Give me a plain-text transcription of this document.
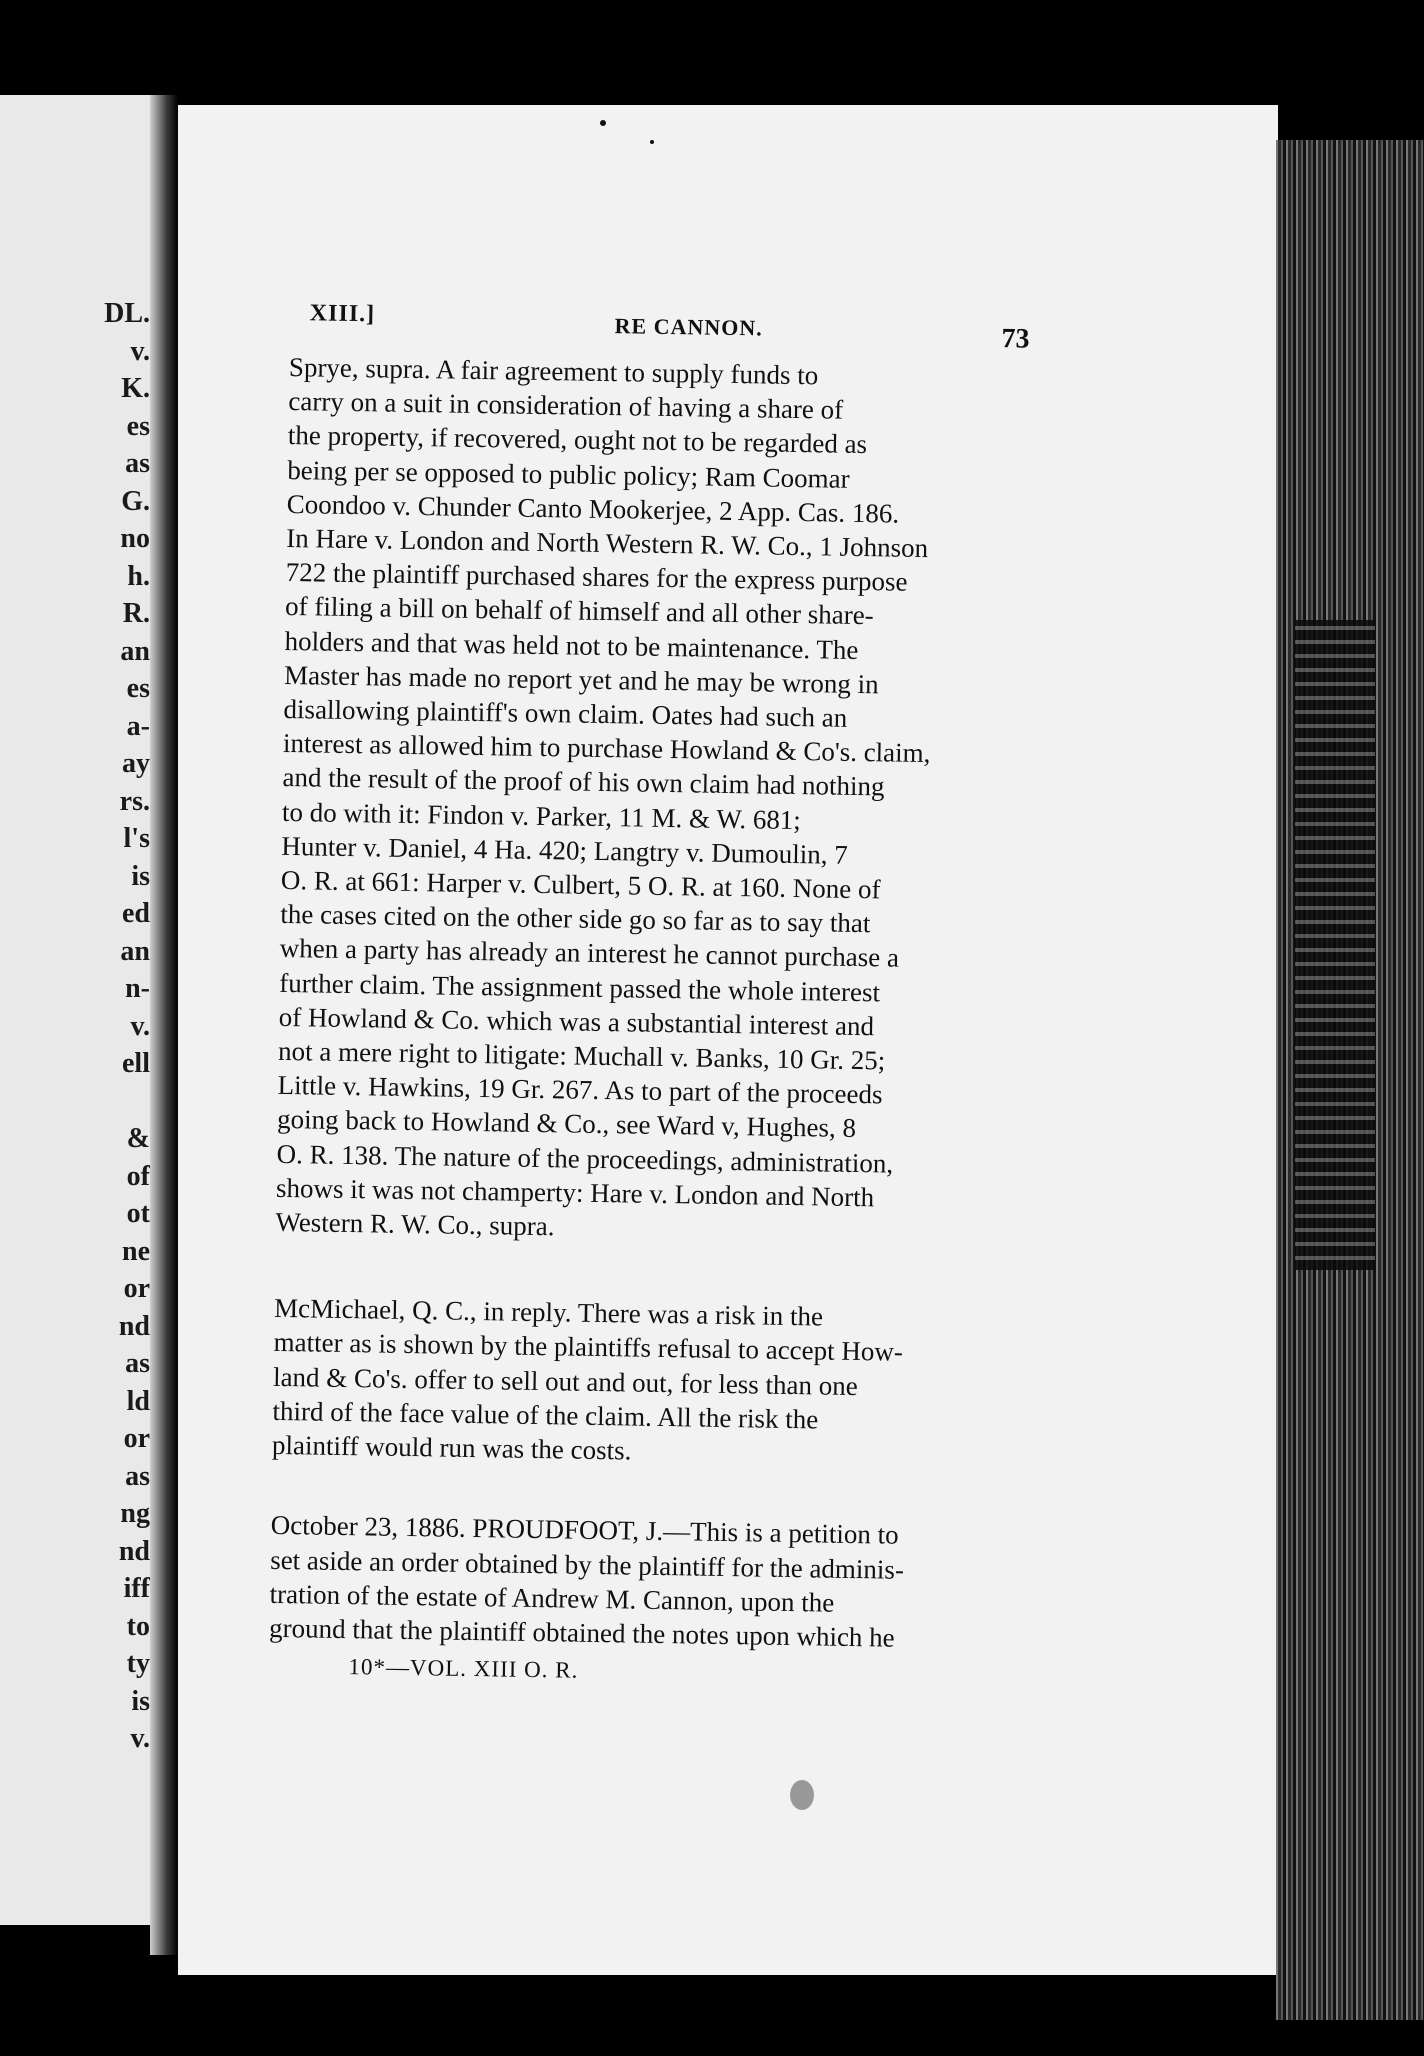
DL.
v.
K.
es
as
G.
no
h.
R.
an
es
a-
ay
rs.
l's
is
ed
an
n-
v.
ell

&
of
ot
ne
or
nd
as
ld
or
as
ng
nd
iff
to
ty
is
v.
XIII.]	RE CANNON.	73
Sprye, supra. A fair agreement to supply funds to
carry on a suit in consideration of having a share of
the property, if recovered, ought not to be regarded as
being per se opposed to public policy; Ram Coomar
Coondoo v. Chunder Canto Mookerjee, 2 App. Cas. 186.
In Hare v. London and North Western R. W. Co., 1 Johnson
722 the plaintiff purchased shares for the express purpose
of filing a bill on behalf of himself and all other share-
holders and that was held not to be maintenance. The
Master has made no report yet and he may be wrong in
disallowing plaintiff's own claim. Oates had such an
interest as allowed him to purchase Howland & Co's. claim,
and the result of the proof of his own claim had nothing
to do with it: Findon v. Parker, 11 M. & W. 681;
Hunter v. Daniel, 4 Ha. 420; Langtry v. Dumoulin, 7
O. R. at 661: Harper v. Culbert, 5 O. R. at 160. None of
the cases cited on the other side go so far as to say that
when a party has already an interest he cannot purchase a
further claim. The assignment passed the whole interest
of Howland & Co. which was a substantial interest and
not a mere right to litigate: Muchall v. Banks, 10 Gr. 25;
Little v. Hawkins, 19 Gr. 267. As to part of the proceeds
going back to Howland & Co., see Ward v, Hughes, 8
O. R. 138. The nature of the proceedings, administration,
shows it was not champerty: Hare v. London and North
Western R. W. Co., supra.
McMichael, Q. C., in reply. There was a risk in the
matter as is shown by the plaintiffs refusal to accept How-
land & Co's. offer to sell out and out, for less than one
third of the face value of the claim. All the risk the
plaintiff would run was the costs.
October 23, 1886. PROUDFOOT, J.—This is a petition to
set aside an order obtained by the plaintiff for the adminis-
tration of the estate of Andrew M. Cannon, upon the
ground that the plaintiff obtained the notes upon which he
10*—VOL. XIII O. R.
